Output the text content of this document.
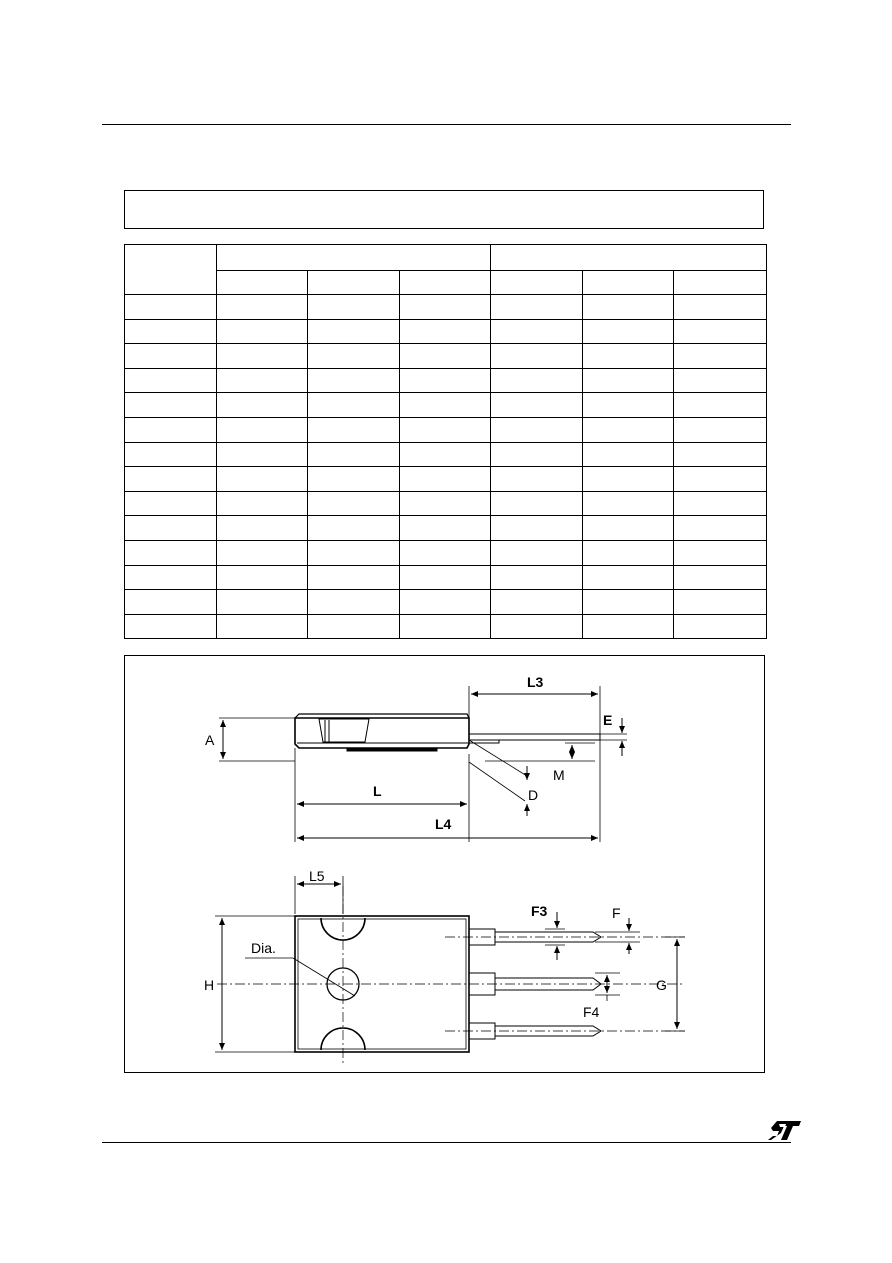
A
L
L4
L3
E
M
D
L5
Dia.
H
F3	F
F4
G
